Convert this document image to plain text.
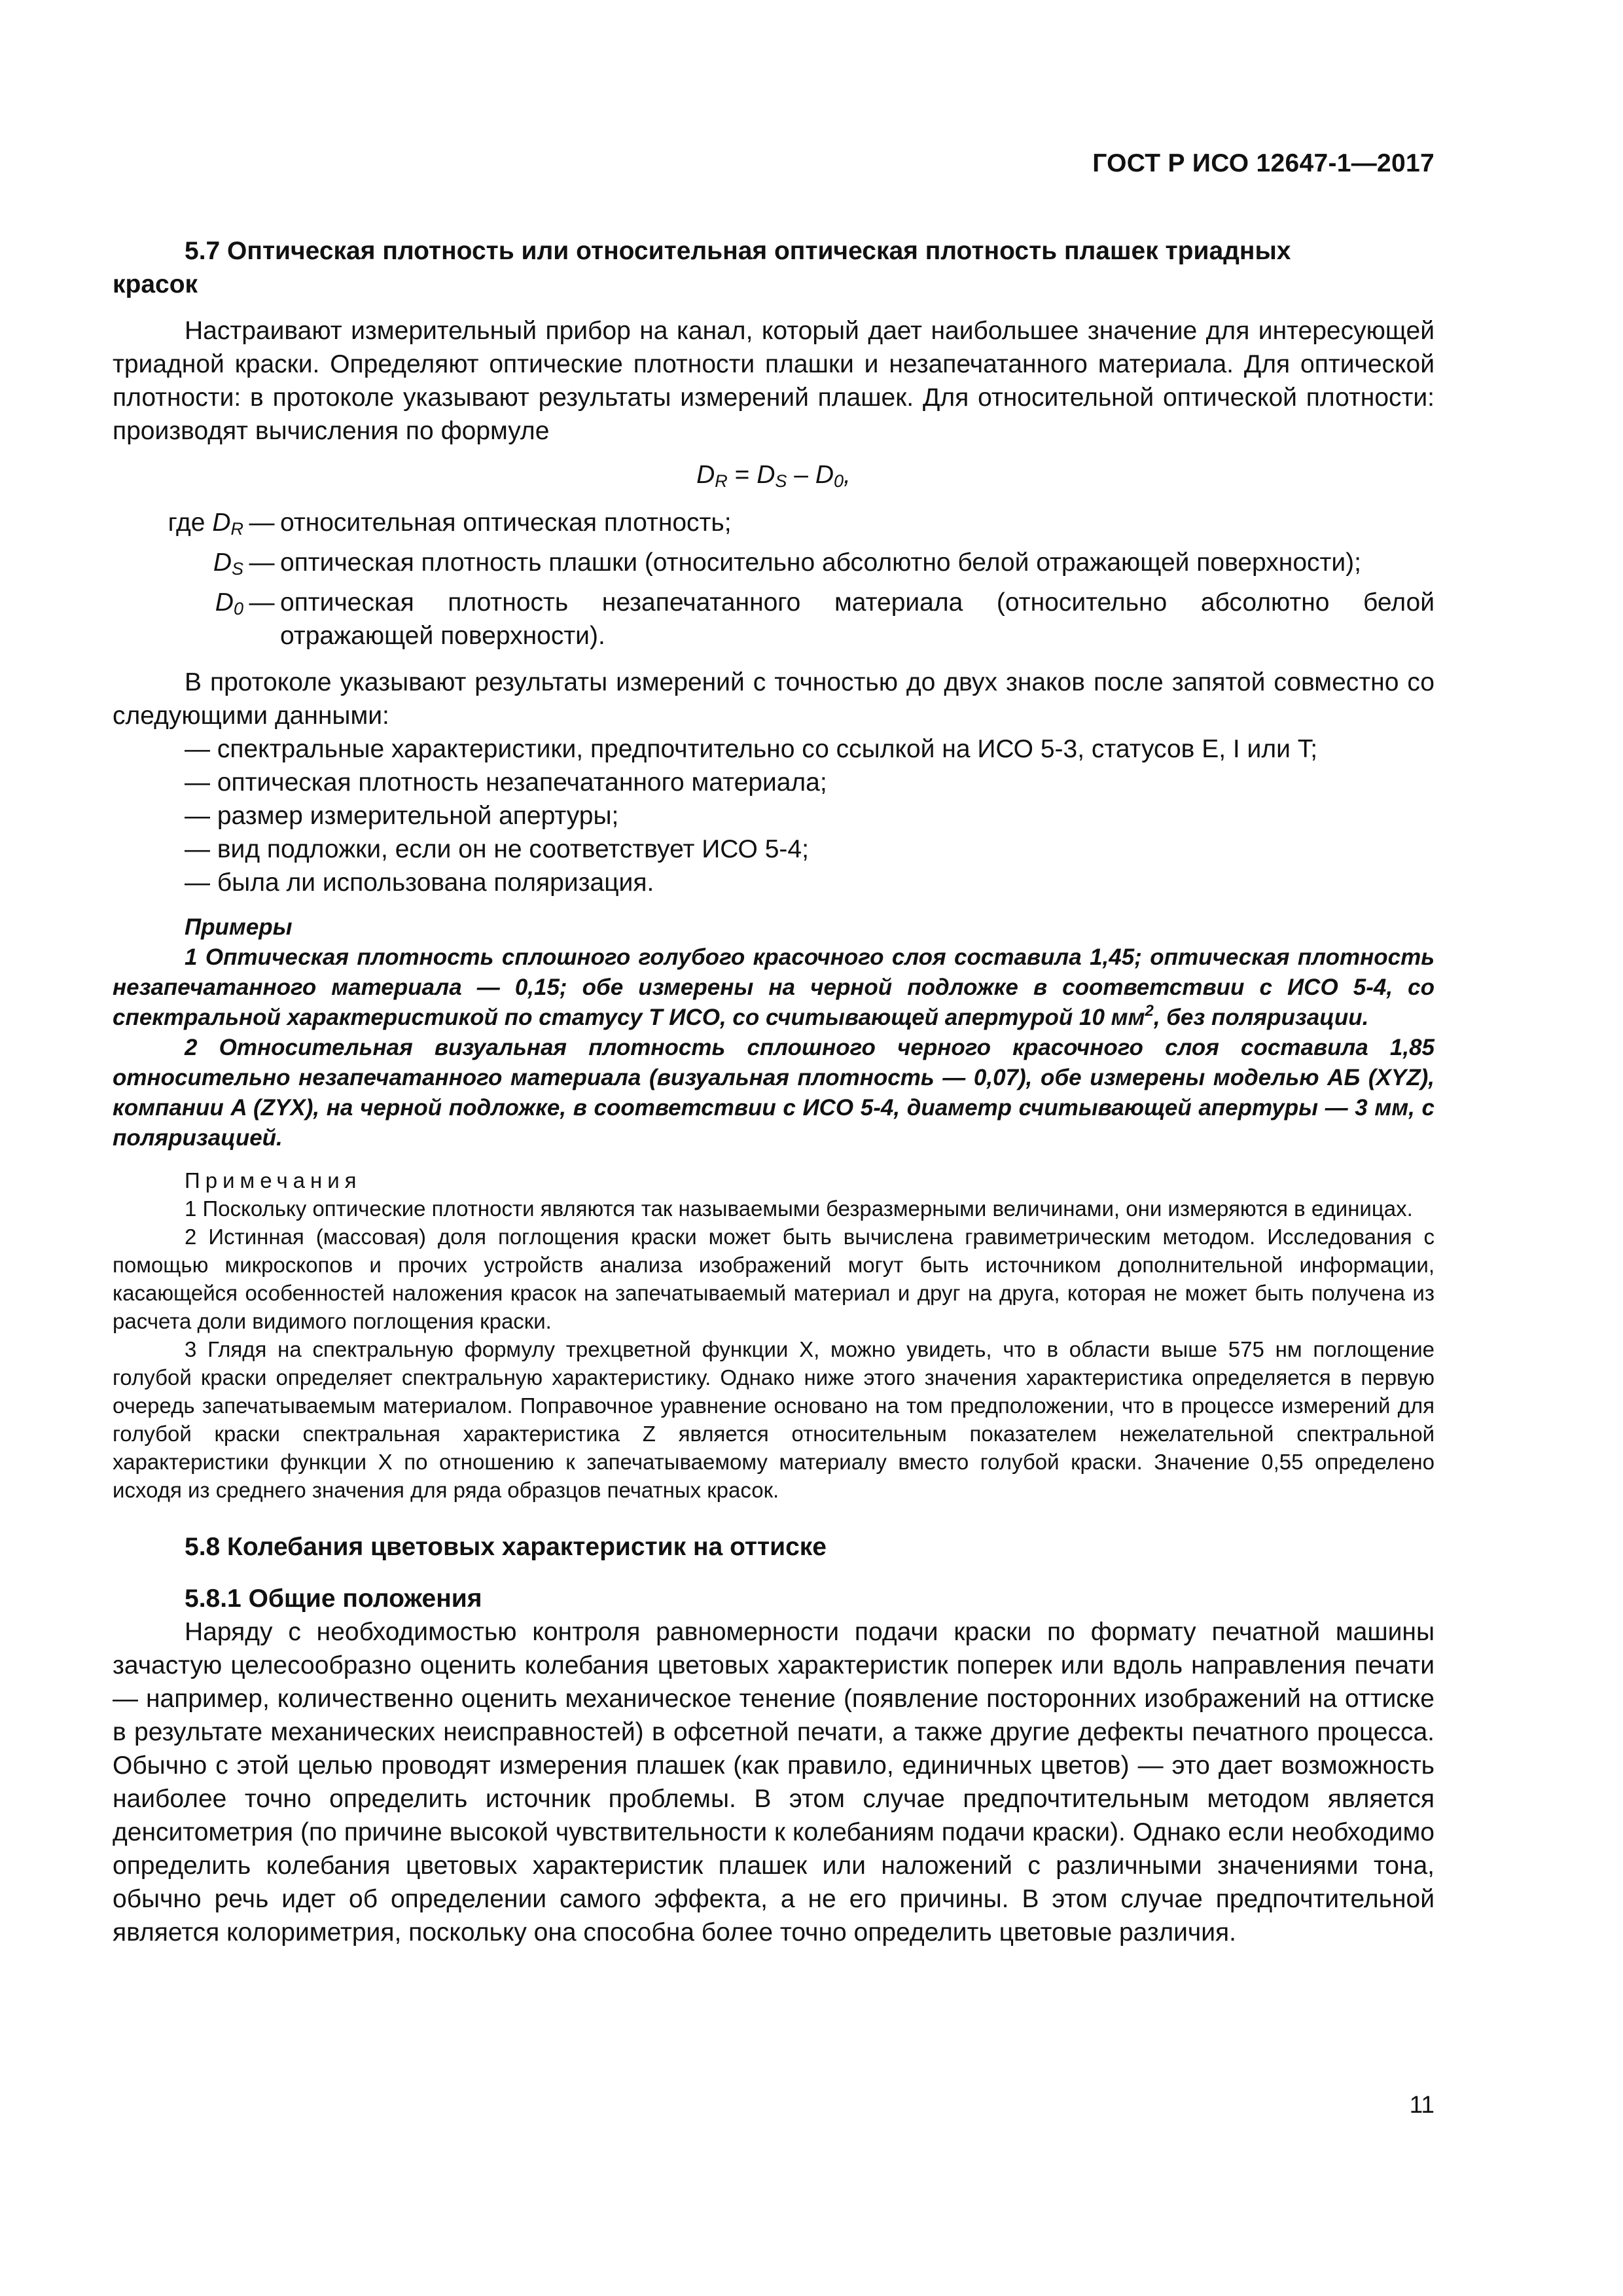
ГОСТ Р ИСО 12647-1—2017
5.7 Оптическая плотность или относительная оптическая плотность плашек триадных
красок

Настраивают измерительный прибор на канал, который дает наибольшее значение для интересующей триадной краски. Определяют оптические плотности плашки и незапечатанного материала. Для оптической плотности: в протоколе указывают результаты измерений плашек. Для относительной оптической плотности: производят вычисления по формуле

$D_R = D_S - D_0$,
где $D_R$ — относительная оптическая плотность;
$D_S$ — оптическая плотность плашки (относительно абсолютно белой отражающей поверхности);
$D_0$ — оптическая плотность незапечатанного материала (относительно абсолютно белой отражающей поверхности).

В протоколе указывают результаты измерений с точностью до двух знаков после запятой совместно со следующими данными:

— спектральные характеристики, предпочтительно со ссылкой на ИСО 5-3, статусов E, I или T;
— оптическая плотность незапечатанного материала;
— размер измерительной апертуры;
— вид подложки, если он не соответствует ИСО 5-4;
— была ли использована поляризация.

Примеры

1 Оптическая плотность сплошного голубого красочного слоя составила 1,45; оптическая плотность незапечатанного материала — 0,15; обе измерены на черной подложке в соответствии с ИСО 5-4, со спектральной характеристикой по статусу T ИСО, со считывающей апертурой 10 $мм^2$, без поляризации.

2 Относительная визуальная плотность сплошного черного красочного слоя составила 1,85 относительно незапечатанного материала (визуальная плотность — 0,07), обе измерены моделью АБ (XYZ), компании A (ZYX), на черной подложке, в соответствии с ИСО 5-4, диаметр считывающей апертуры — 3 мм, с поляризацией.

Примечания

1 Поскольку оптические плотности являются так называемыми безразмерными величинами, они измеряются в единицах.

2 Истинная (массовая) доля поглощения краски может быть вычислена гравиметрическим методом. Исследования с помощью микроскопов и прочих устройств анализа изображений могут быть источником дополнительной информации, касающейся особенностей наложения красок на запечатываемый материал и друг на друга, которая не может быть получена из расчета доли видимого поглощения краски.

3 Глядя на спектральную формулу трехцветной функции X, можно увидеть, что в области выше 575 нм поглощение голубой краски определяет спектральную характеристику. Однако ниже этого значения характеристика определяется в первую очередь запечатываемым материалом. Поправочное уравнение основано на том предположении, что в процессе измерений для голубой краски спектральная характеристика Z является относительным показателем нежелательной спектральной характеристики функции X по отношению к запечатываемому материалу вместо голубой краски. Значение 0,55 определено исходя из среднего значения для ряда образцов печатных красок.

5.8 Колебания цветовых характеристик на оттиске
5.8.1 Общие положения

Наряду с необходимостью контроля равномерности подачи краски по формату печатной машины зачастую целесообразно оценить колебания цветовых характеристик поперек или вдоль направления печати — например, количественно оценить механическое тенение (появление посторонних изображений на оттиске в результате механических неисправностей) в офсетной печати, а также другие дефекты печатного процесса. Обычно с этой целью проводят измерения плашек (как правило, единичных цветов) — это дает возможность наиболее точно определить источник проблемы. В этом случае предпочтительным методом является денситометрия (по причине высокой чувствительности к колебаниям подачи краски). Однако если необходимо определить колебания цветовых характеристик плашек или наложений с различными значениями тона, обычно речь идет об определении самого эффекта, а не его причины. В этом случае предпочтительной является колориметрия, поскольку она способна более точно определить цветовые различия.

11
